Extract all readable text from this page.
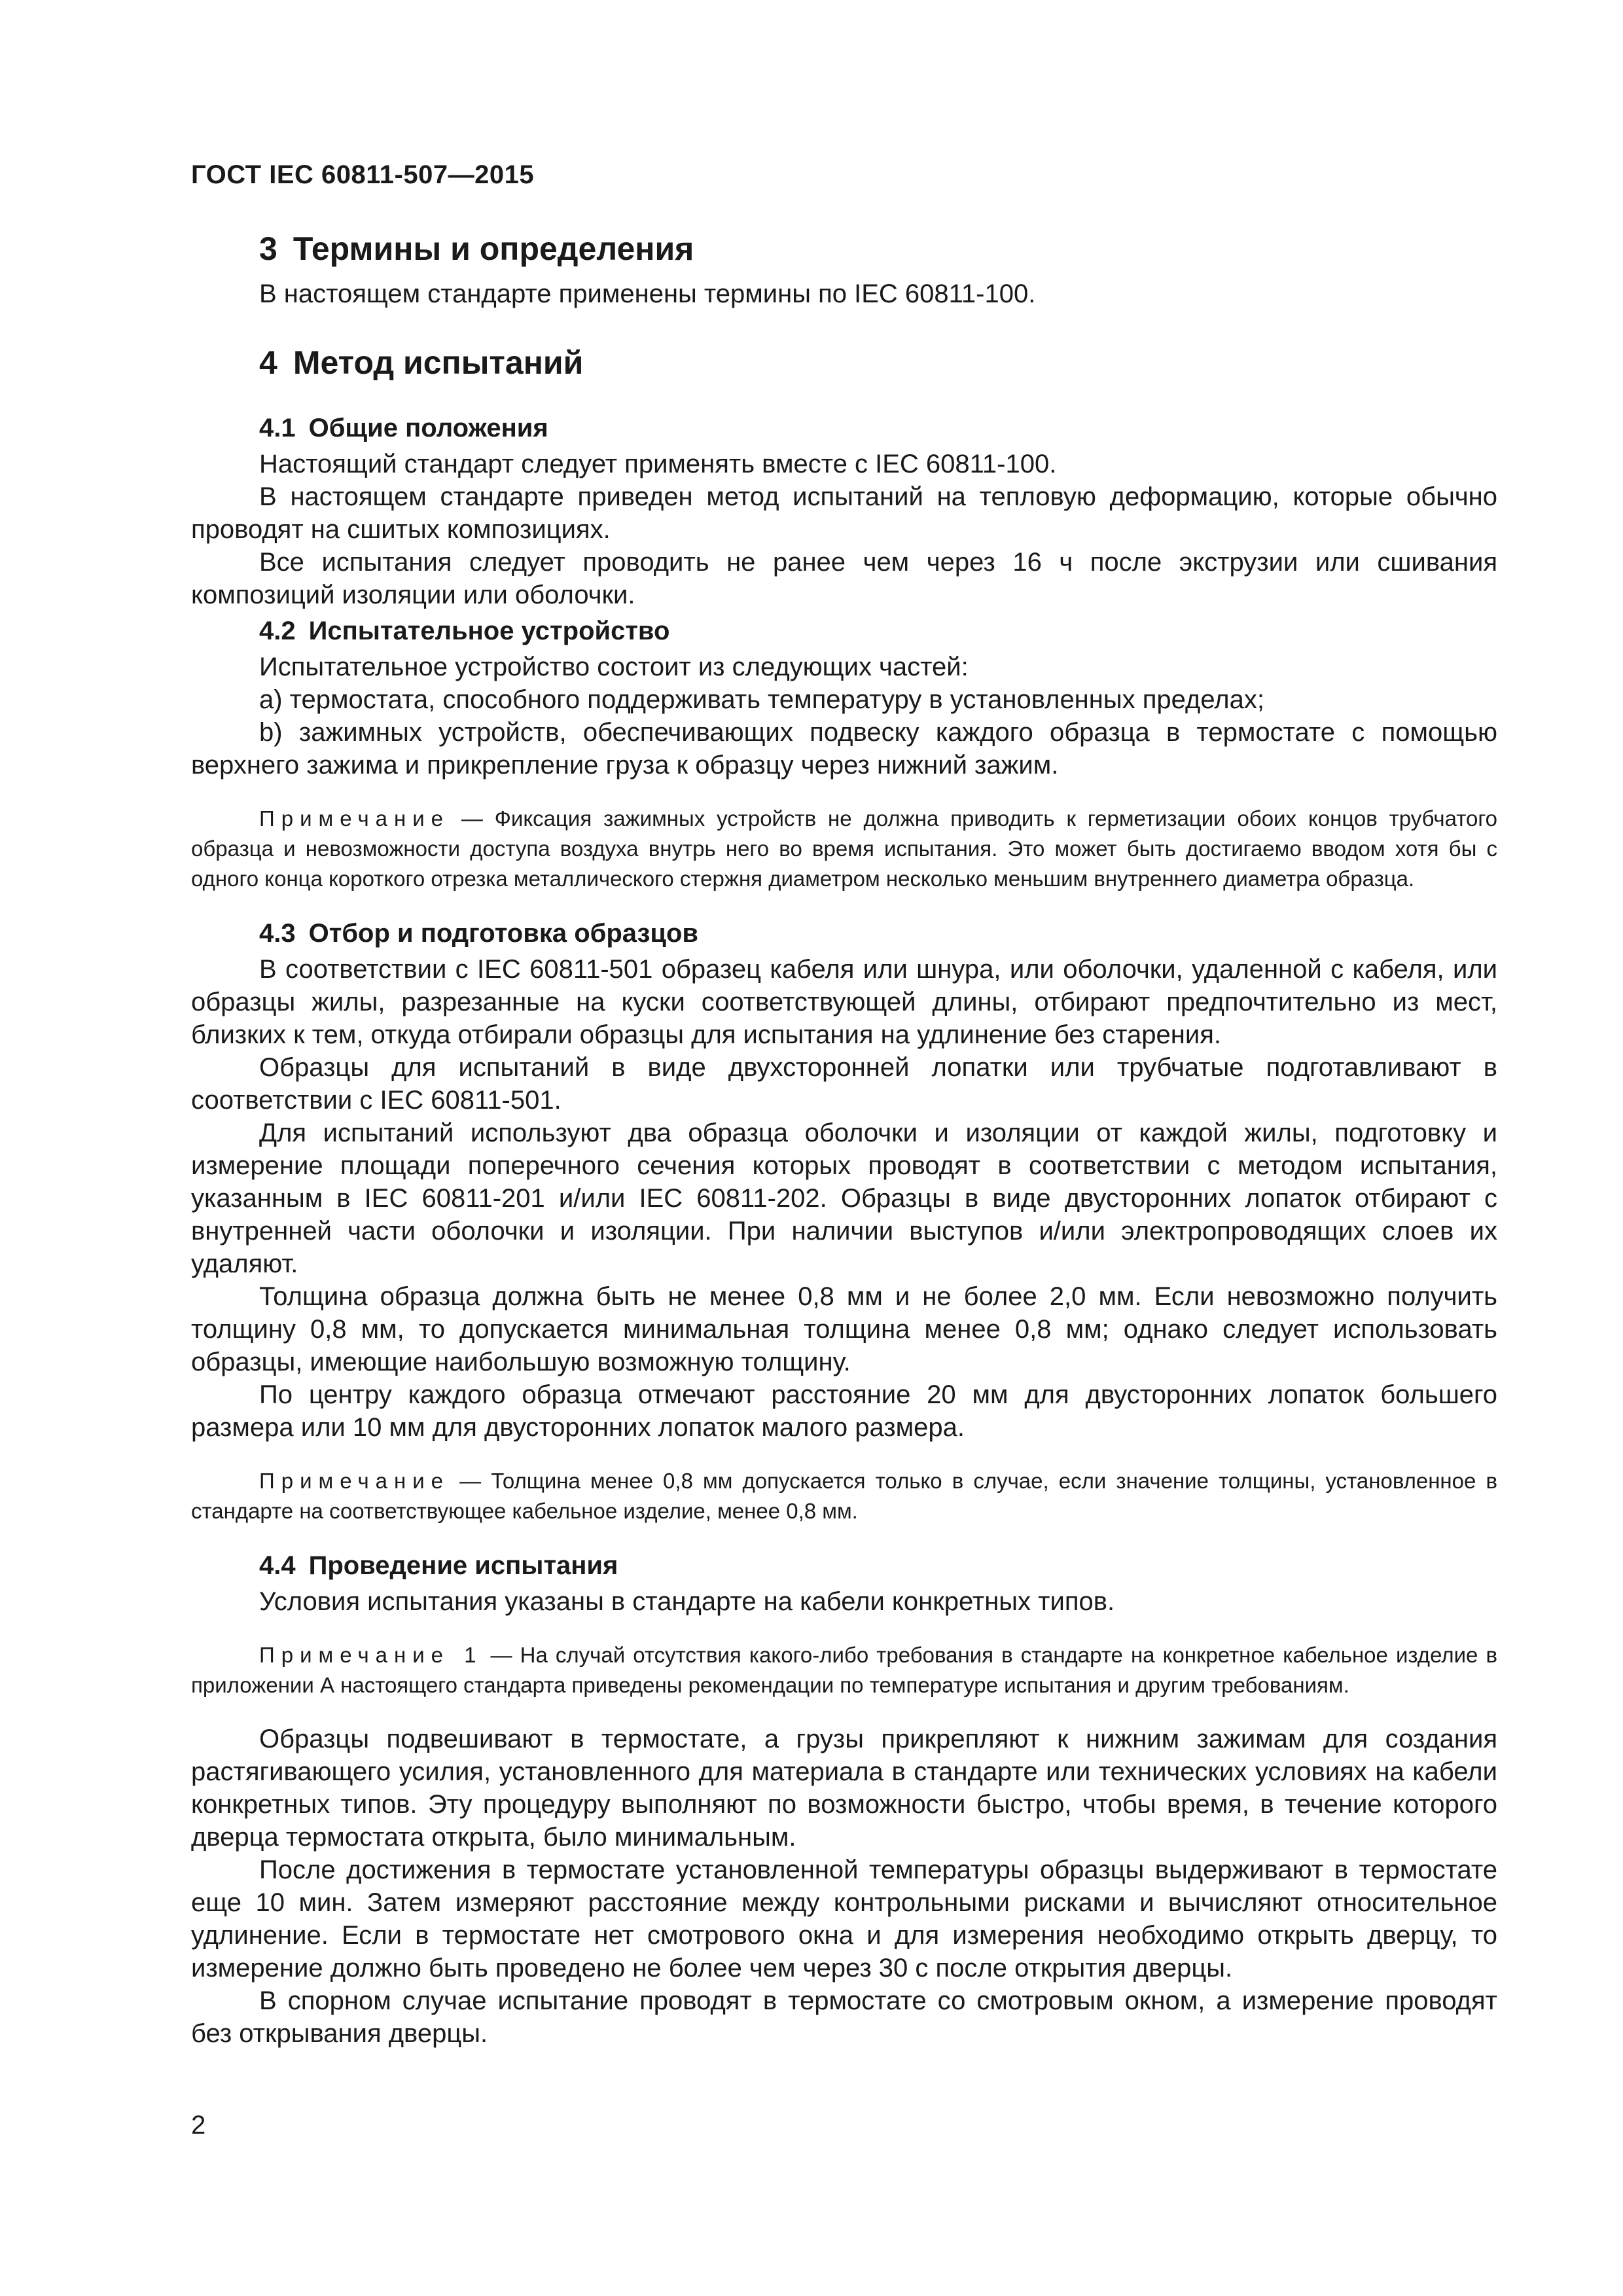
ГОСТ IEC 60811-507—2015
3 Термины и определения

В настоящем стандарте применены термины по IEC 60811-100.

4 Метод испытаний
4.1 Общие положения

Настоящий стандарт следует применять вместе с IEC 60811-100.

В настоящем стандарте приведен метод испытаний на тепловую деформацию, которые обычно проводят на сшитых композициях.

Все испытания следует проводить не ранее чем через 16 ч после экструзии или сшивания композиций изоляции или оболочки.

4.2 Испытательное устройство

Испытательное устройство состоит из следующих частей:

a) термостата, способного поддерживать температуру в установленных пределах;

b) зажимных устройств, обеспечивающих подвеску каждого образца в термостате с помощью верхнего зажима и прикрепление груза к образцу через нижний зажим.

Примечание — Фиксация зажимных устройств не должна приводить к герметизации обоих концов трубчатого образца и невозможности доступа воздуха внутрь него во время испытания. Это может быть достигаемо вводом хотя бы с одного конца короткого отрезка металлического стержня диаметром несколько меньшим внутреннего диаметра образца.

4.3 Отбор и подготовка образцов

В соответствии с IEC 60811-501 образец кабеля или шнура, или оболочки, удаленной с кабеля, или образцы жилы, разрезанные на куски соответствующей длины, отбирают предпочтительно из мест, близких к тем, откуда отбирали образцы для испытания на удлинение без старения.

Образцы для испытаний в виде двухсторонней лопатки или трубчатые подготавливают в соответствии с IEC 60811-501.

Для испытаний используют два образца оболочки и изоляции от каждой жилы, подготовку и измерение площади поперечного сечения которых проводят в соответствии с методом испытания, указанным в IEC 60811-201 и/или IEC 60811-202. Образцы в виде двусторонних лопаток отбирают с внутренней части оболочки и изоляции. При наличии выступов и/или электропроводящих слоев их удаляют.

Толщина образца должна быть не менее 0,8 мм и не более 2,0 мм. Если невозможно получить толщину 0,8 мм, то допускается минимальная толщина менее 0,8 мм; однако следует использовать образцы, имеющие наибольшую возможную толщину.

По центру каждого образца отмечают расстояние 20 мм для двусторонних лопаток большего размера или 10 мм для двусторонних лопаток малого размера.

Примечание — Толщина менее 0,8 мм допускается только в случае, если значение толщины, установленное в стандарте на соответствующее кабельное изделие, менее 0,8 мм.

4.4 Проведение испытания

Условия испытания указаны в стандарте на кабели конкретных типов.

Примечание 1 — На случай отсутствия какого-либо требования в стандарте на конкретное кабельное изделие в приложении А настоящего стандарта приведены рекомендации по температуре испытания и другим требованиям.

Образцы подвешивают в термостате, а грузы прикрепляют к нижним зажимам для создания растягивающего усилия, установленного для материала в стандарте или технических условиях на кабели конкретных типов. Эту процедуру выполняют по возможности быстро, чтобы время, в течение которого дверца термостата открыта, было минимальным.

После достижения в термостате установленной температуры образцы выдерживают в термостате еще 10 мин. Затем измеряют расстояние между контрольными рисками и вычисляют относительное удлинение. Если в термостате нет смотрового окна и для измерения необходимо открыть дверцу, то измерение должно быть проведено не более чем через 30 с после открытия дверцы.

В спорном случае испытание проводят в термостате со смотровым окном, а измерение проводят без открывания дверцы.

2
